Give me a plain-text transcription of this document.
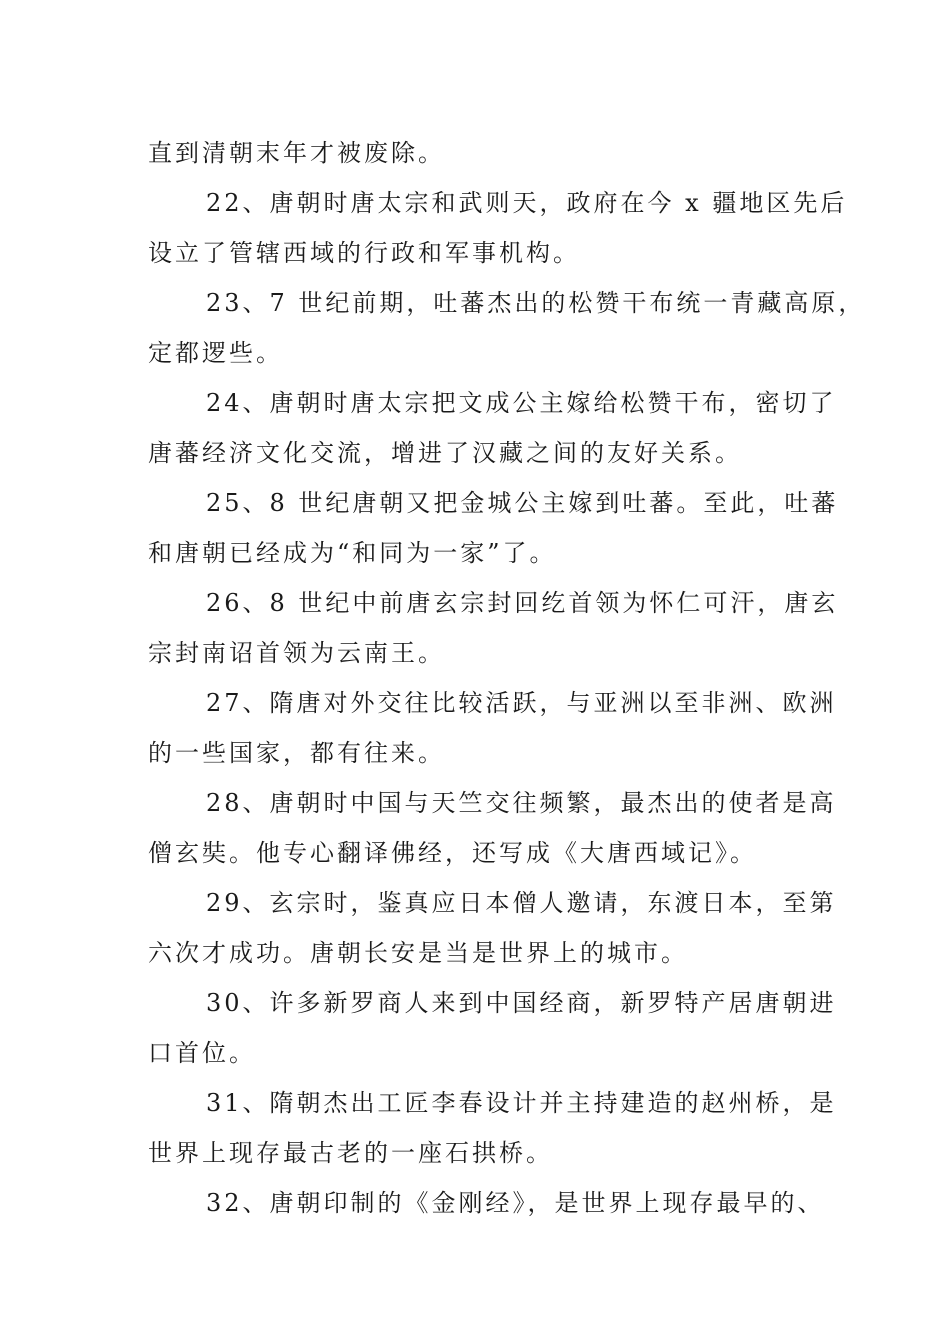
直到清朝末年才被废除。
22、唐朝时唐太宗和武则天，政府在今 x 疆地区先后
设立了管辖西域的行政和军事机构。
23、7 世纪前期，吐蕃杰出的松赞干布统一青藏高原，
定都逻些。
24、唐朝时唐太宗把文成公主嫁给松赞干布，密切了
唐蕃经济文化交流，增进了汉藏之间的友好关系。
25、8 世纪唐朝又把金城公主嫁到吐蕃。至此，吐蕃
和唐朝已经成为“和同为一家”了。
26、8 世纪中前唐玄宗封回纥首领为怀仁可汗，唐玄
宗封南诏首领为云南王。
27、隋唐对外交往比较活跃，与亚洲以至非洲、欧洲
的一些国家，都有往来。
28、唐朝时中国与天竺交往频繁，最杰出的使者是高
僧玄奘。他专心翻译佛经，还写成《大唐西域记》。
29、玄宗时，鉴真应日本僧人邀请，东渡日本，至第
六次才成功。唐朝长安是当是世界上的城市。
30、许多新罗商人来到中国经商，新罗特产居唐朝进
口首位。
31、隋朝杰出工匠李春设计并主持建造的赵州桥，是
世界上现存最古老的一座石拱桥。
32、唐朝印制的《金刚经》，是世界上现存最早的、
